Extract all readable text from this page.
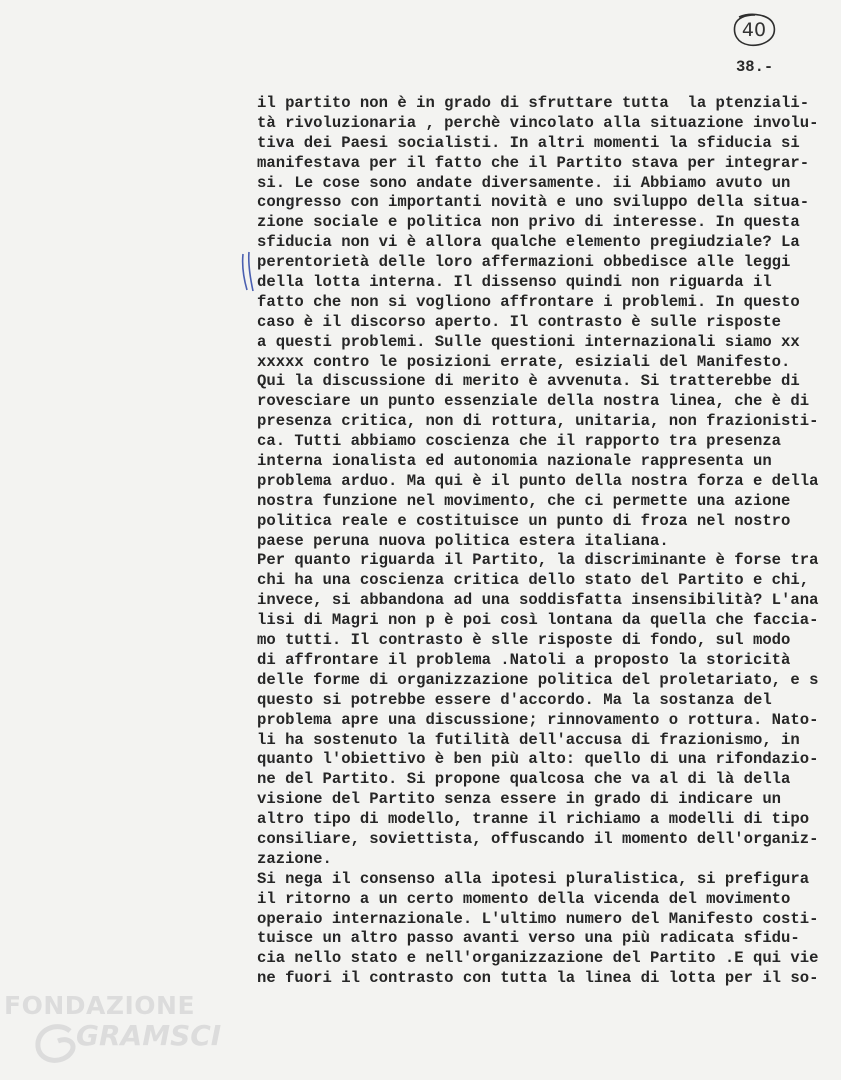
40
38.-
il partito non è in grado di sfruttare tutta  la ptenziali-
tà rivoluzionaria , perchè vincolato alla situazione involu-
tiva dei Paesi socialisti. In altri momenti la sfiducia si
manifestava per il fatto che il Partito stava per integrar-
si. Le cose sono andate diversamente. ii Abbiamo avuto un
congresso con importanti novità e uno sviluppo della situa-
zione sociale e politica non privo di interesse. In questa
sfiducia non vi è allora qualche elemento pregiudziale? La
perentorietà delle loro affermazioni obbedisce alle leggi
della lotta interna. Il dissenso quindi non riguarda il
fatto che non si vogliono affrontare i problemi. In questo
caso è il discorso aperto. Il contrasto è sulle risposte
a questi problemi. Sulle questioni internazionali siamo xx
xxxxx contro le posizioni errate, esiziali del Manifesto.
Qui la discussione di merito è avvenuta. Si tratterebbe di
rovesciare un punto essenziale della nostra linea, che è di
presenza critica, non di rottura, unitaria, non frazionisti-
ca. Tutti abbiamo coscienza che il rapporto tra presenza
interna ionalista ed autonomia nazionale rappresenta un
problema arduo. Ma qui è il punto della nostra forza e della
nostra funzione nel movimento, che ci permette una azione
politica reale e costituisce un punto di froza nel nostro
paese peruna nuova politica estera italiana.
Per quanto riguarda il Partito, la discriminante è forse tra
chi ha una coscienza critica dello stato del Partito e chi,
invece, si abbandona ad una soddisfatta insensibilità? L'ana
lisi di Magri non p è poi così lontana da quella che faccia-
mo tutti. Il contrasto è slle risposte di fondo, sul modo
di affrontare il problema .Natoli a proposto la storicità
delle forme di organizzazione politica del proletariato, e s
questo si potrebbe essere d'accordo. Ma la sostanza del
problema apre una discussione; rinnovamento o rottura. Nato-
li ha sostenuto la futilità dell'accusa di frazionismo, in
quanto l'obiettivo è ben più alto: quello di una rifondazio-
ne del Partito. Si propone qualcosa che va al di là della
visione del Partito senza essere in grado di indicare un
altro tipo di modello, tranne il richiamo a modelli di tipo
consiliare, soviettista, offuscando il momento dell'organiz-
zazione.
Si nega il consenso alla ipotesi pluralistica, si prefigura
il ritorno a un certo momento della vicenda del movimento
operaio internazionale. L'ultimo numero del Manifesto costi-
tuisce un altro passo avanti verso una più radicata sfidu-
cia nello stato e nell'organizzazione del Partito .E qui vie
ne fuori il contrasto con tutta la linea di lotta per il so-
FONDAZIONE
GRAMSCI
